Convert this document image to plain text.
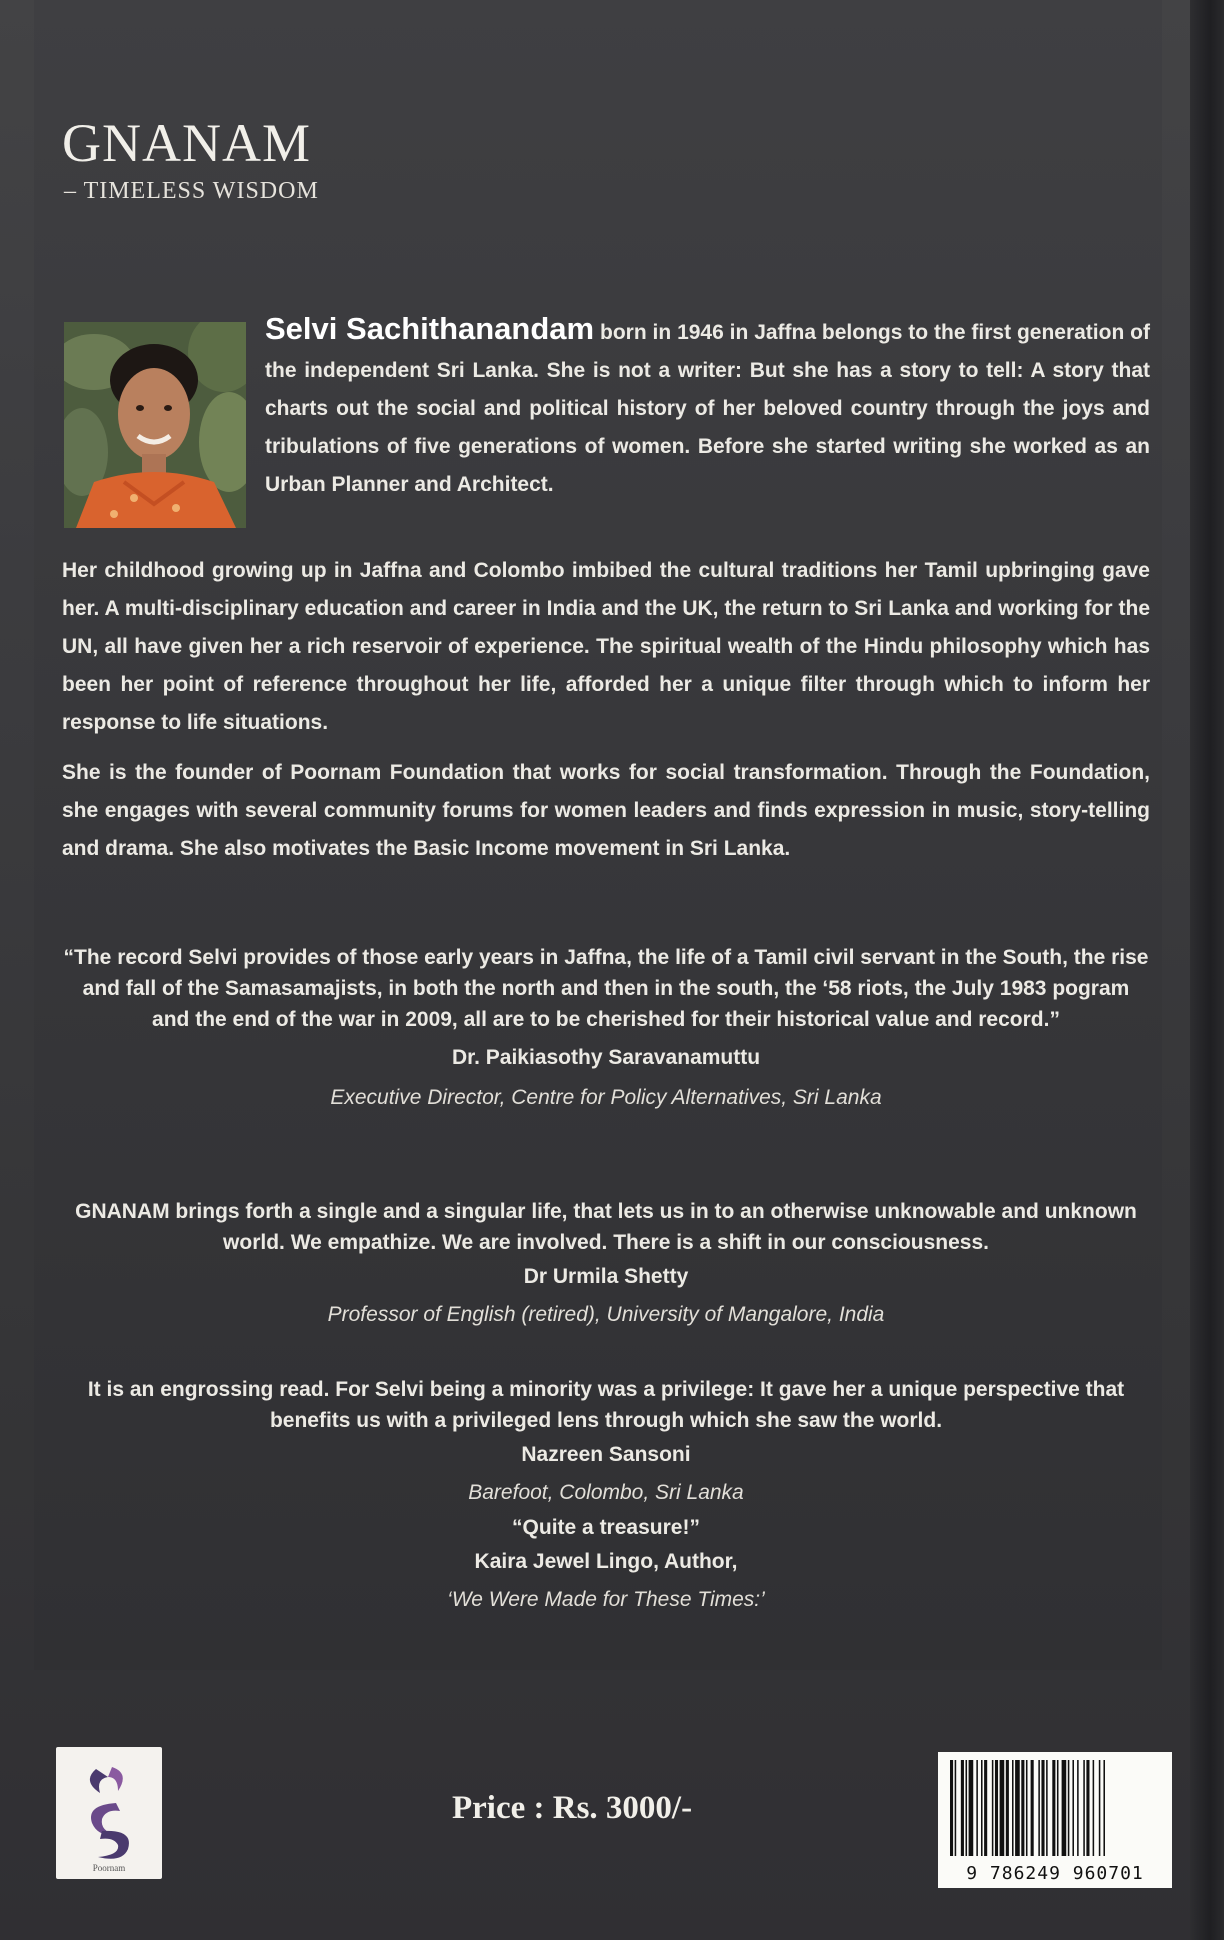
GNANAM

– TIMELESS WISDOM

Selvi Sachithanandam born in 1946 in Jaffna belongs to the first generation of the independent Sri Lanka. She is not a writer: But she has a story to tell: A story that charts out the social and political history of her beloved country through the joys and tribulations of five generations of women. Before she started writing she worked as an Urban Planner and Architect.

Her childhood growing up in Jaffna and Colombo imbibed the cultural traditions her Tamil upbringing gave her. A multi-disciplinary education and career in India and the UK, the return to Sri Lanka and working for the UN, all have given her a rich reservoir of experience. The spiritual wealth of the Hindu philosophy which has been her point of reference throughout her life, afforded her a unique filter through which to inform her response to life situations.

She is the founder of Poornam Foundation that works for social transformation. Through the Foundation, she engages with several community forums for women leaders and finds expression in music, story-telling and drama. She also motivates the Basic Income movement in Sri Lanka.

“The record Selvi provides of those early years in Jaffna, the life of a Tamil civil servant in the South, the rise and fall of the Samasamajists, in both the north and then in the south, the ‘58 riots, the July 1983 pogram and the end of the war in 2009, all are to be cherished for their historical value and record.”

Dr. Paikiasothy Saravanamuttu

Executive Director, Centre for Policy Alternatives, Sri Lanka

GNANAM brings forth a single and a singular life, that lets us in to an otherwise unknowable and unknown world. We empathize. We are involved. There is a shift in our consciousness.

Dr Urmila Shetty

Professor of English (retired), University of Mangalore, India

It is an engrossing read. For Selvi being a minority was a privilege: It gave her a unique perspective that benefits us with a privileged lens through which she saw the world.

Nazreen Sansoni

Barefoot, Colombo, Sri Lanka

“Quite a treasure!”

Kaira Jewel Lingo, Author,

‘We Were Made for These Times:’

Poornam

Price : Rs. 3000/-

9 786249 960701
